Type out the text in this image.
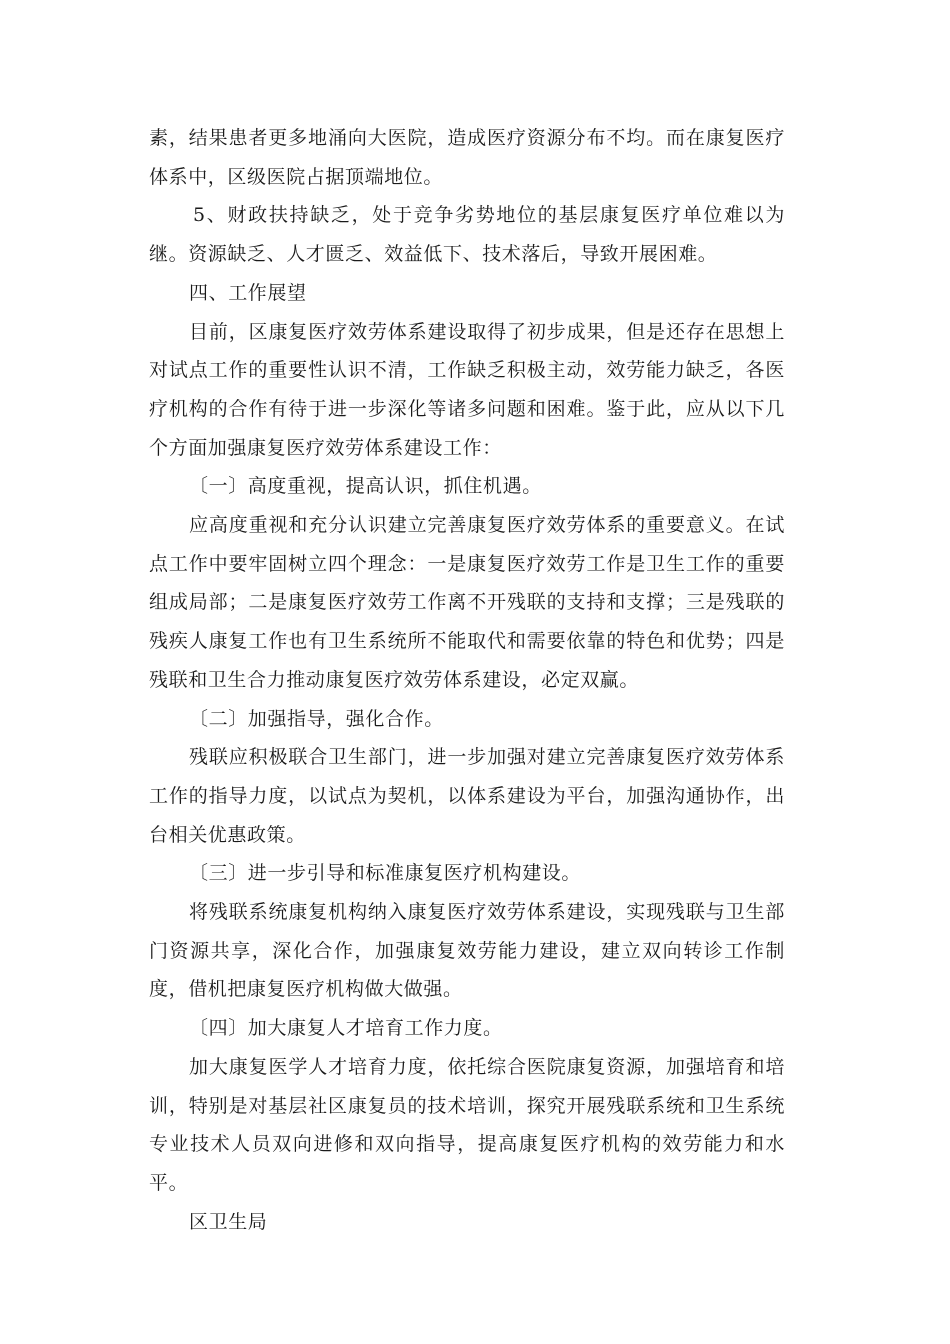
素，结果患者更多地涌向大医院，造成医疗资源分布不均。而在康复医疗体系中，区级医院占据顶端地位。

5、财政扶持缺乏，处于竞争劣势地位的基层康复医疗单位难以为继。资源缺乏、人才匮乏、效益低下、技术落后，导致开展困难。

四、工作展望

目前，区康复医疗效劳体系建设取得了初步成果，但是还存在思想上对试点工作的重要性认识不清，工作缺乏积极主动，效劳能力缺乏，各医疗机构的合作有待于进一步深化等诸多问题和困难。鉴于此，应从以下几个方面加强康复医疗效劳体系建设工作：

〔一〕高度重视，提高认识，抓住机遇。

应高度重视和充分认识建立完善康复医疗效劳体系的重要意义。在试点工作中要牢固树立四个理念：一是康复医疗效劳工作是卫生工作的重要组成局部；二是康复医疗效劳工作离不开残联的支持和支撑；三是残联的残疾人康复工作也有卫生系统所不能取代和需要依靠的特色和优势；四是残联和卫生合力推动康复医疗效劳体系建设，必定双赢。

〔二〕加强指导，强化合作。

残联应积极联合卫生部门，进一步加强对建立完善康复医疗效劳体系工作的指导力度，以试点为契机，以体系建设为平台，加强沟通协作，出台相关优惠政策。

〔三〕进一步引导和标准康复医疗机构建设。

将残联系统康复机构纳入康复医疗效劳体系建设，实现残联与卫生部门资源共享，深化合作，加强康复效劳能力建设，建立双向转诊工作制度，借机把康复医疗机构做大做强。

〔四〕加大康复人才培育工作力度。

加大康复医学人才培育力度，依托综合医院康复资源，加强培育和培训，特别是对基层社区康复员的技术培训，探究开展残联系统和卫生系统专业技术人员双向进修和双向指导，提高康复医疗机构的效劳能力和水平。

区卫生局
